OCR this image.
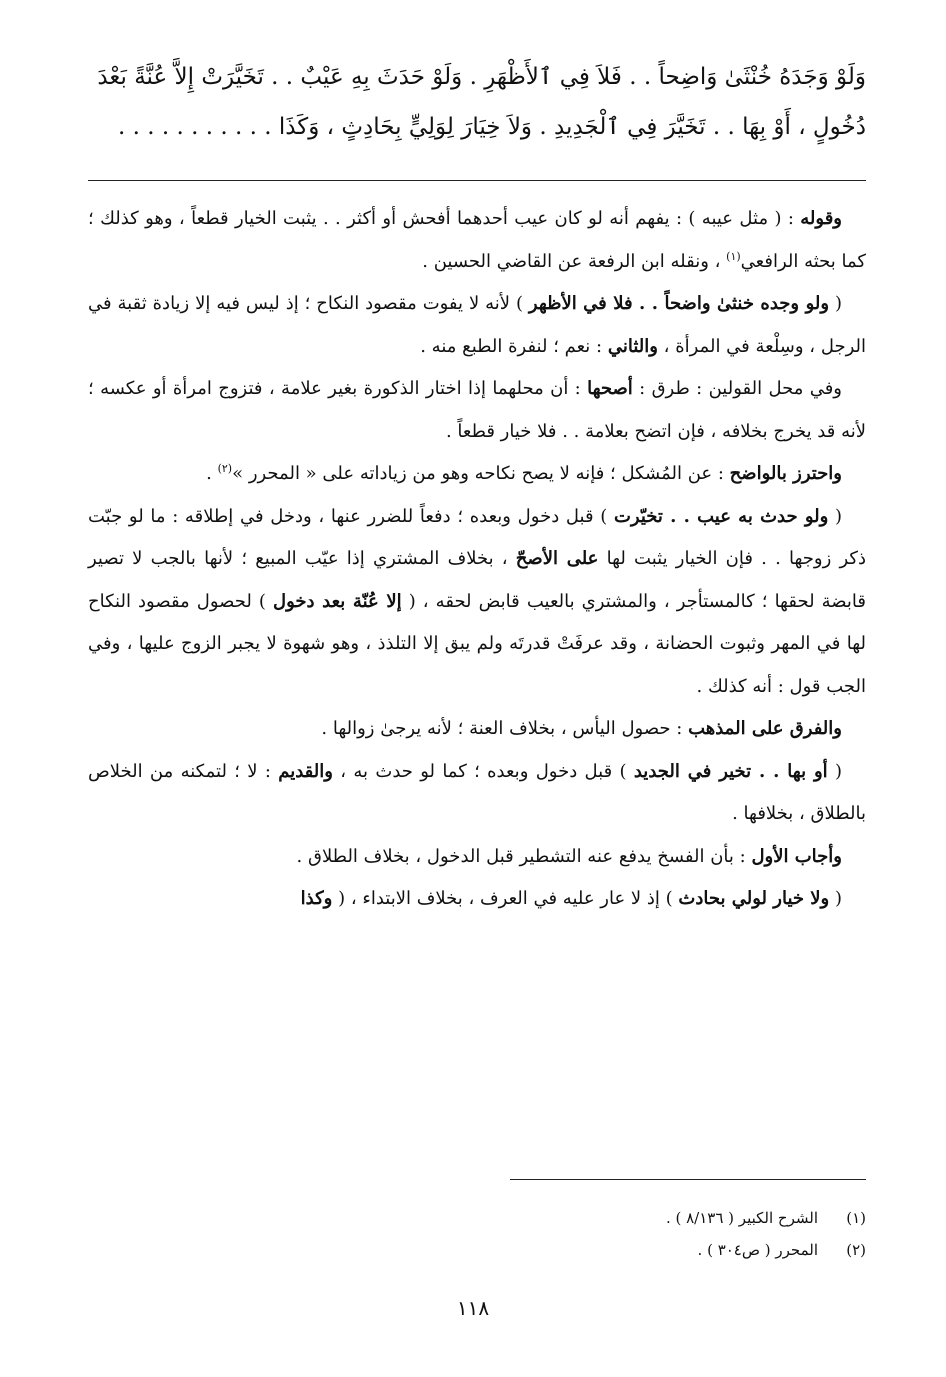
وَلَوْ وَجَدَهُ خُنْثَىٰ وَاضِحاً . . فَلاَ فِي ٱلأَظْهَرِ . وَلَوْ حَدَثَ بِهِ عَيْبٌ . . تَخَيَّرَتْ إِلاَّ عُنَّةً بَعْدَ

دُخُولٍ ، أَوْ بِهَا . . تَخَيَّرَ فِي ٱلْجَدِيدِ . وَلاَ خِيَارَ لِوَلِيٍّ بِحَادِثٍ ، وَكَذَا . . . . . . . . . . .

وقوله : ( مثل عيبه ) : يفهم أنه لو كان عيب أحدهما أفحش أو أكثر . . يثبت الخيار قطعاً ، وهو كذلك ؛ كما بحثه الرافعي$^{(١)}$ ، ونقله ابن الرفعة عن القاضي الحسين .

( ولو وجده خنثىٰ واضحاً . . فلا في الأظهر ) لأنه لا يفوت مقصود النكاح ؛ إذ ليس فيه إلا زيادة ثقبة في الرجل ، وسِلْعة في المرأة ، والثاني : نعم ؛ لنفرة الطبع منه .

وفي محل القولين : طرق : أصحها : أن محلهما إذا اختار الذكورة بغير علامة ، فتزوج امرأة أو عكسه ؛ لأنه قد يخرج بخلافه ، فإن اتضح بعلامة . . فلا خيار قطعاً .

واحترز بالواضح : عن المُشكل ؛ فإنه لا يصح نكاحه وهو من زياداته على « المحرر »$^{(٢)}$ .

( ولو حدث به عيب . . تخيّرت ) قبل دخول وبعده ؛ دفعاً للضرر عنها ، ودخل في إطلاقه : ما لو جبّت ذكر زوجها . . فإن الخيار يثبت لها على الأصحّ ، بخلاف المشتري إذا عيّب المبيع ؛ لأنها بالجب لا تصير قابضة لحقها ؛ كالمستأجر ، والمشتري بالعيب قابض لحقه ، ( إلا عُنّة بعد دخول ) لحصول مقصود النكاح لها في المهر وثبوت الحضانة ، وقد عرفَتْ قدرتَه ولم يبق إلا التلذذ ، وهو شهوة لا يجبر الزوج عليها ، وفي الجب قول : أنه كذلك .

والفرق على المذهب : حصول اليأس ، بخلاف العنة ؛ لأنه يرجىٰ زوالها .

( أو بها . . تخير في الجديد ) قبل دخول وبعده ؛ كما لو حدث به ، والقديم : لا ؛ لتمكنه من الخلاص بالطلاق ، بخلافها .

وأجاب الأول : بأن الفسخ يدفع عنه التشطير قبل الدخول ، بخلاف الطلاق .

( ولا خيار لولي بحادث ) إذ لا عار عليه في العرف ، بخلاف الابتداء ، ( وكذا

(١)
الشرح الكبير ( ٨/١٣٦ ) .
(٢)
المحرر ( ص٣٠٤ ) .
١١٨
